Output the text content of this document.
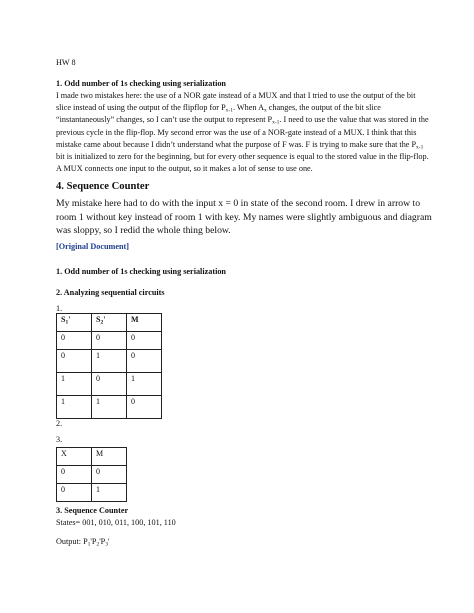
HW 8

1. Odd number of 1s checking using serialization

I made two mistakes here: the use of a NOR gate instead of a MUX and that I tried to use the output of the bit slice instead of using the output of the flipflop for $P_{x-1}$. When $A_x$ changes, the output of the bit slice “instantaneously” changes, so I can’t use the output to represent $P_{x-1}$. I need to use the value that was stored in the previous cycle in the flip-flop. My second error was the use of a NOR-gate instead of a MUX. I think that this mistake came about because I didn’t understand what the purpose of F was. F is trying to make sure that the $P_{x-1}$ bit is initialized to zero for the beginning, but for every other sequence is equal to the stored value in the flip-flop. A MUX connects one input to the output, so it makes a lot of sense to use one.

4. Sequence Counter

My mistake here had to do with the input x = 0 in state of the second room. I drew in arrow to room 1 without key instead of room 1 with key. My names were slightly ambiguous and diagram was sloppy, so I redid the whole thing below.

[Original Document]

1. Odd number of 1s checking using serialization

2. Analyzing sequential circuits

1.

$S_1'$	$S_2'$	M
0	0	0
0	1	0
1	0	1
1	1	0

2.

3.

X	M
0	0
0	1

3. Sequence Counter

States= 001, 010, 011, 100, 101, 110

Output: $P_1'P_2'P_3'$
